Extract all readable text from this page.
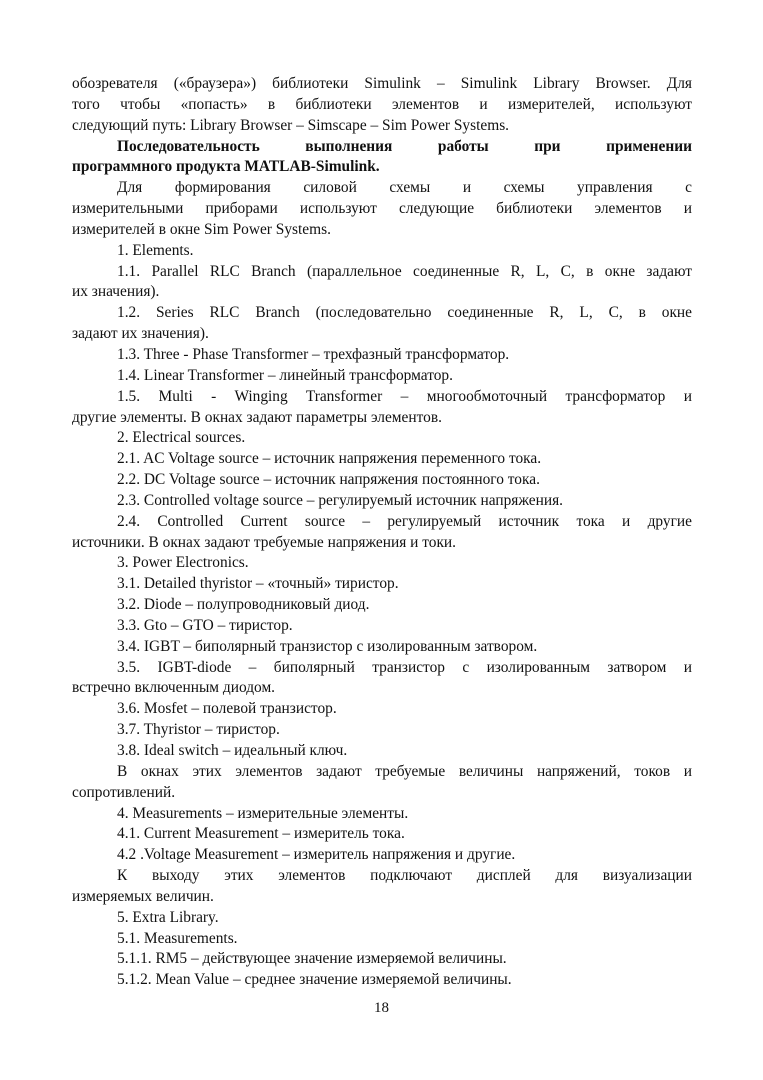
обозревателя («браузера») библиотеки Simulink – Simulink Library Browser. Для
того чтобы «попасть» в библиотеки элементов и измерителей, используют
следующий путь: Library Browser – Simscape – Sim Power Systems.
Последовательность выполнения работы при применении
программного продукта MATLAB-Simulink.
Для формирования силовой схемы и схемы управления с
измерительными приборами используют следующие библиотеки элементов и
измерителей в окне Sim Power Systems.
1. Elements.
1.1. Parallel RLC Branch (параллельное соединенные R, L, C, в окне задают
их значения).
1.2. Series RLC Branch (последовательно соединенные R, L, C, в окне
задают их значения).
1.3. Three - Phase Transformer – трехфазный трансформатор.
1.4. Linear Transformer – линейный трансформатор.
1.5. Multi - Winging Transformer – многообмоточный трансформатор и
другие элементы. В окнах задают параметры элементов.
2. Electrical sources.
2.1. AC Voltage source – источник напряжения переменного тока.
2.2. DC Voltage source – источник напряжения постоянного тока.
2.3. Controlled voltage source – регулируемый источник напряжения.
2.4. Controlled Current source – регулируемый источник тока и другие
источники. В окнах задают требуемые напряжения и токи.
3. Power Electronics.
3.1. Detailed thyristor – «точный» тиристор.
3.2. Diode – полупроводниковый диод.
3.3. Gto – GTO – тиристор.
3.4. IGBT – биполярный транзистор с изолированным затвором.
3.5. IGBT-diode – биполярный транзистор с изолированным затвором и
встречно включенным диодом.
3.6. Mosfet – полевой транзистор.
3.7. Thyristor – тиристор.
3.8. Ideal switch – идеальный ключ.
В окнах этих элементов задают требуемые величины напряжений, токов и
сопротивлений.
4. Measurements – измерительные элементы.
4.1. Current Measurement – измеритель тока.
4.2 .Voltage Measurement – измеритель напряжения и другие.
К выходу этих элементов подключают дисплей для визуализации
измеряемых величин.
5. Extra Library.
5.1. Measurements.
5.1.1. RM5 – действующее значение измеряемой величины.
5.1.2. Mean Value – среднее значение измеряемой величины.
18
